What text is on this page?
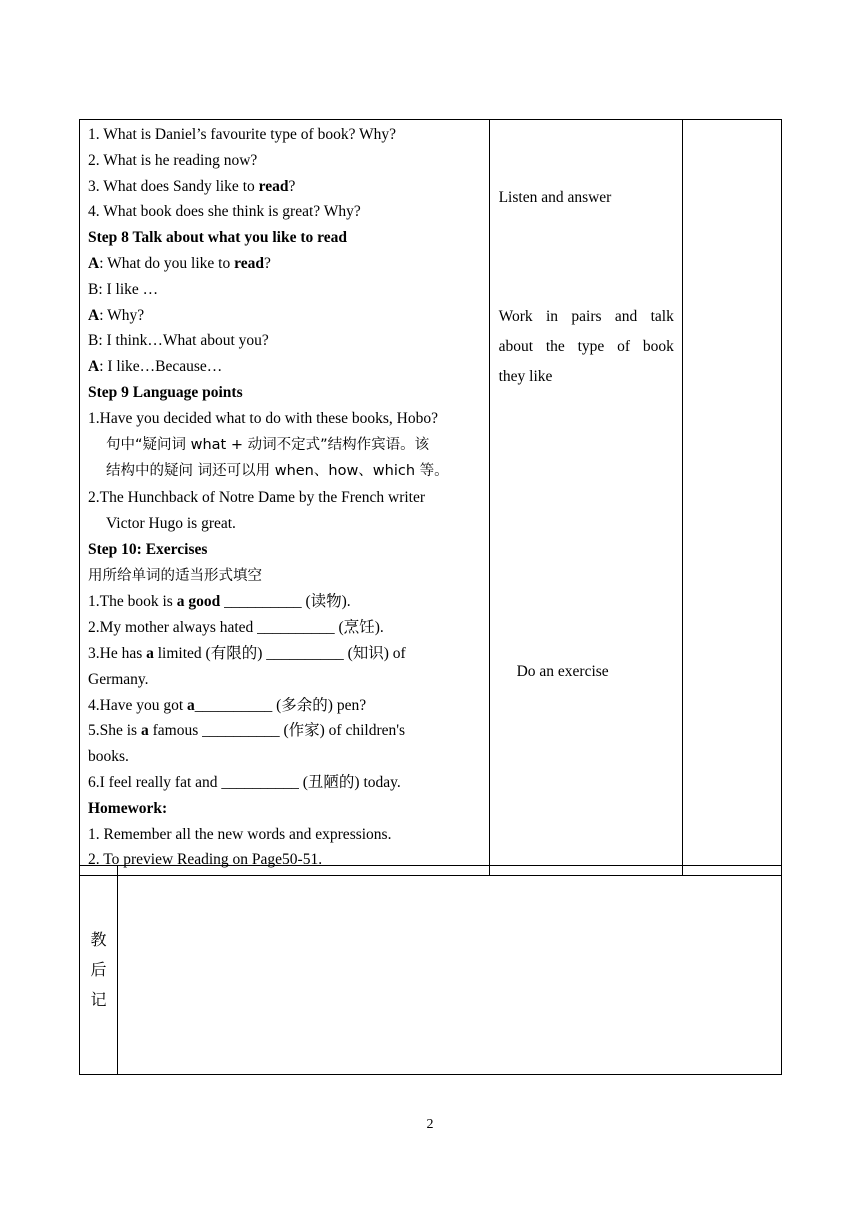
1. What is Daniel’s favourite type of book? Why?
2. What is he reading now?
3. What does Sandy like to read?
4. What book does she think is great? Why?
Step 8 Talk about what you like to read
A: What do you like to read?
B: I like …
A: Why?
B: I think…What about you?
A: I like…Because…
Step 9 Language points
1.Have you decided what to do with these books, Hobo?
句中“疑问词 what + 动词不定式”结构作宾语。该
结构中的疑问 词还可以用 when、how、which 等。
2.The Hunchback of Notre Dame by the French writer
Victor Hugo is great.
Step 10: Exercises
用所给单词的适当形式填空
1.The book is a good __________ (读物).
2.My mother always hated __________ (烹饪).
3.He has a limited (有限的) __________ (知识) of
Germany.
4.Have you got a__________ (多余的) pen?
5.She is a famous __________ (作家) of children's
books.
6.I feel really fat and __________ (丑陋的) today.
Homework:
1. Remember all the new words and expressions.
2. To preview Reading on Page50-51.

Listen and answer
Work in pairs and talk
about the type of book
they like
Do an exercise

教
后
记

2
